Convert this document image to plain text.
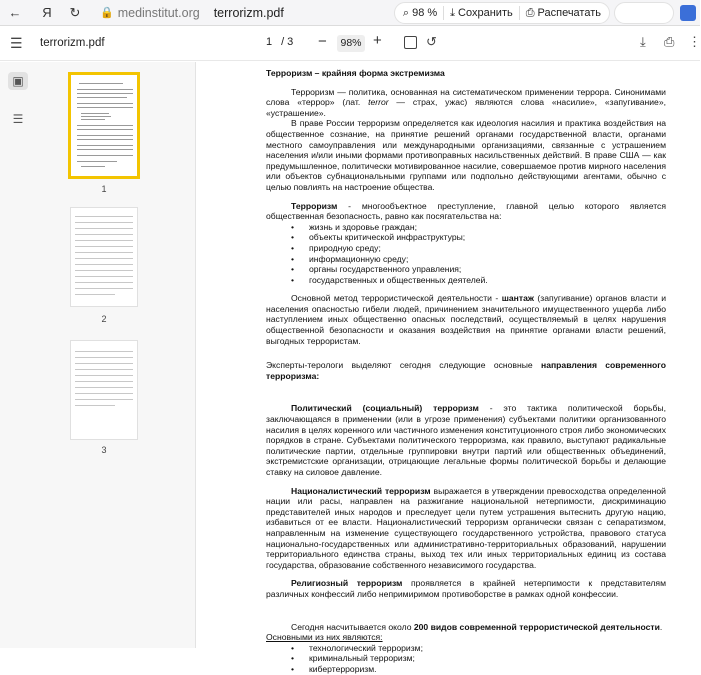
←	Я	↻	🔒 medinstitut.org terrorizm.pdf	⌕ 98 % ⤓ Сохранить ⎙ Распечатать
☰ terrorizm.pdf	1 / 3 −	98% +	↺	⤓ ⎙ ⋮
▣
☰
1
2
3

Терроризм – крайняя форма экстремизма

Терроризм — политика, основанная на систематическом применении террора. Синонимами слова «террор» (лат. terror — страх, ужас) являются слова «насилие», «запугивание», «устрашение».

В праве России терроризм определяется как идеология насилия и практика воздействия на общественное сознание, на принятие решений органами государственной власти, органами местного самоуправления или международными организациями, связанные с устрашением населения и/или иными формами противоправных насильственных действий. В праве США — как предумышленное, политически мотивированное насилие, совершаемое против мирного населения или объектов субнациональными группами или подпольно действующими агентами, обычно с целью повлиять на настроение общества.

Терроризм - многообъектное преступление, главной целью которого является общественная безопасность, равно как посягательства на:

• жизнь и здоровье граждан;
• объекты критической инфраструктуры;
• природную среду;
• информационную среду;
• органы государственного управления;
• государственных и общественных деятелей.

Основной метод террористической деятельности - шантаж (запугивание) органов власти и населения опасностью гибели людей, причинением значительного имущественного ущерба либо наступлением иных общественно опасных последствий, осуществляемый в целях нарушения общественной безопасности и оказания воздействия на принятие органами власти решений, выгодных террористам.

Эксперты-терологи выделяют сегодня следующие основные направления современного терроризма:

Политический (социальный) терроризм - это тактика политической борьбы, заключающаяся в применении (или в угрозе применения) субъектами политики организованного насилия в целях коренного или частичного изменения конституционного строя либо экономических порядков в стране. Субъектами политического терроризма, как правило, выступают радикальные политические партии, отдельные группировки внутри партий или общественных объединений, экстремистские организации, отрицающие легальные формы политической борьбы и делающие ставку на силовое давление.

Националистический терроризм выражается в утверждении превосходства определенной нации или расы, направлен на разжигание национальной нетерпимости, дискриминацию представителей иных народов и преследует цели путем устрашения вытеснить другую нацию, избавиться от ее власти. Националистический терроризм органически связан с сепаратизмом, направленным на изменение существующего государственного устройства, правового статуса национально-государственных или административно-территориальных образований, нарушении территориального единства страны, выход тех или иных территориальных единиц из состава государства, образование собственного независимого государства.

Религиозный терроризм проявляется в крайней нетерпимости к представителям различных конфессий либо непримиримом противоборстве в рамках одной конфессии.

Сегодня насчитывается около 200 видов современной террористической деятельности.

Основными из них являются:

• технологический терроризм;
• криминальный терроризм;
• кибертерроризм.
